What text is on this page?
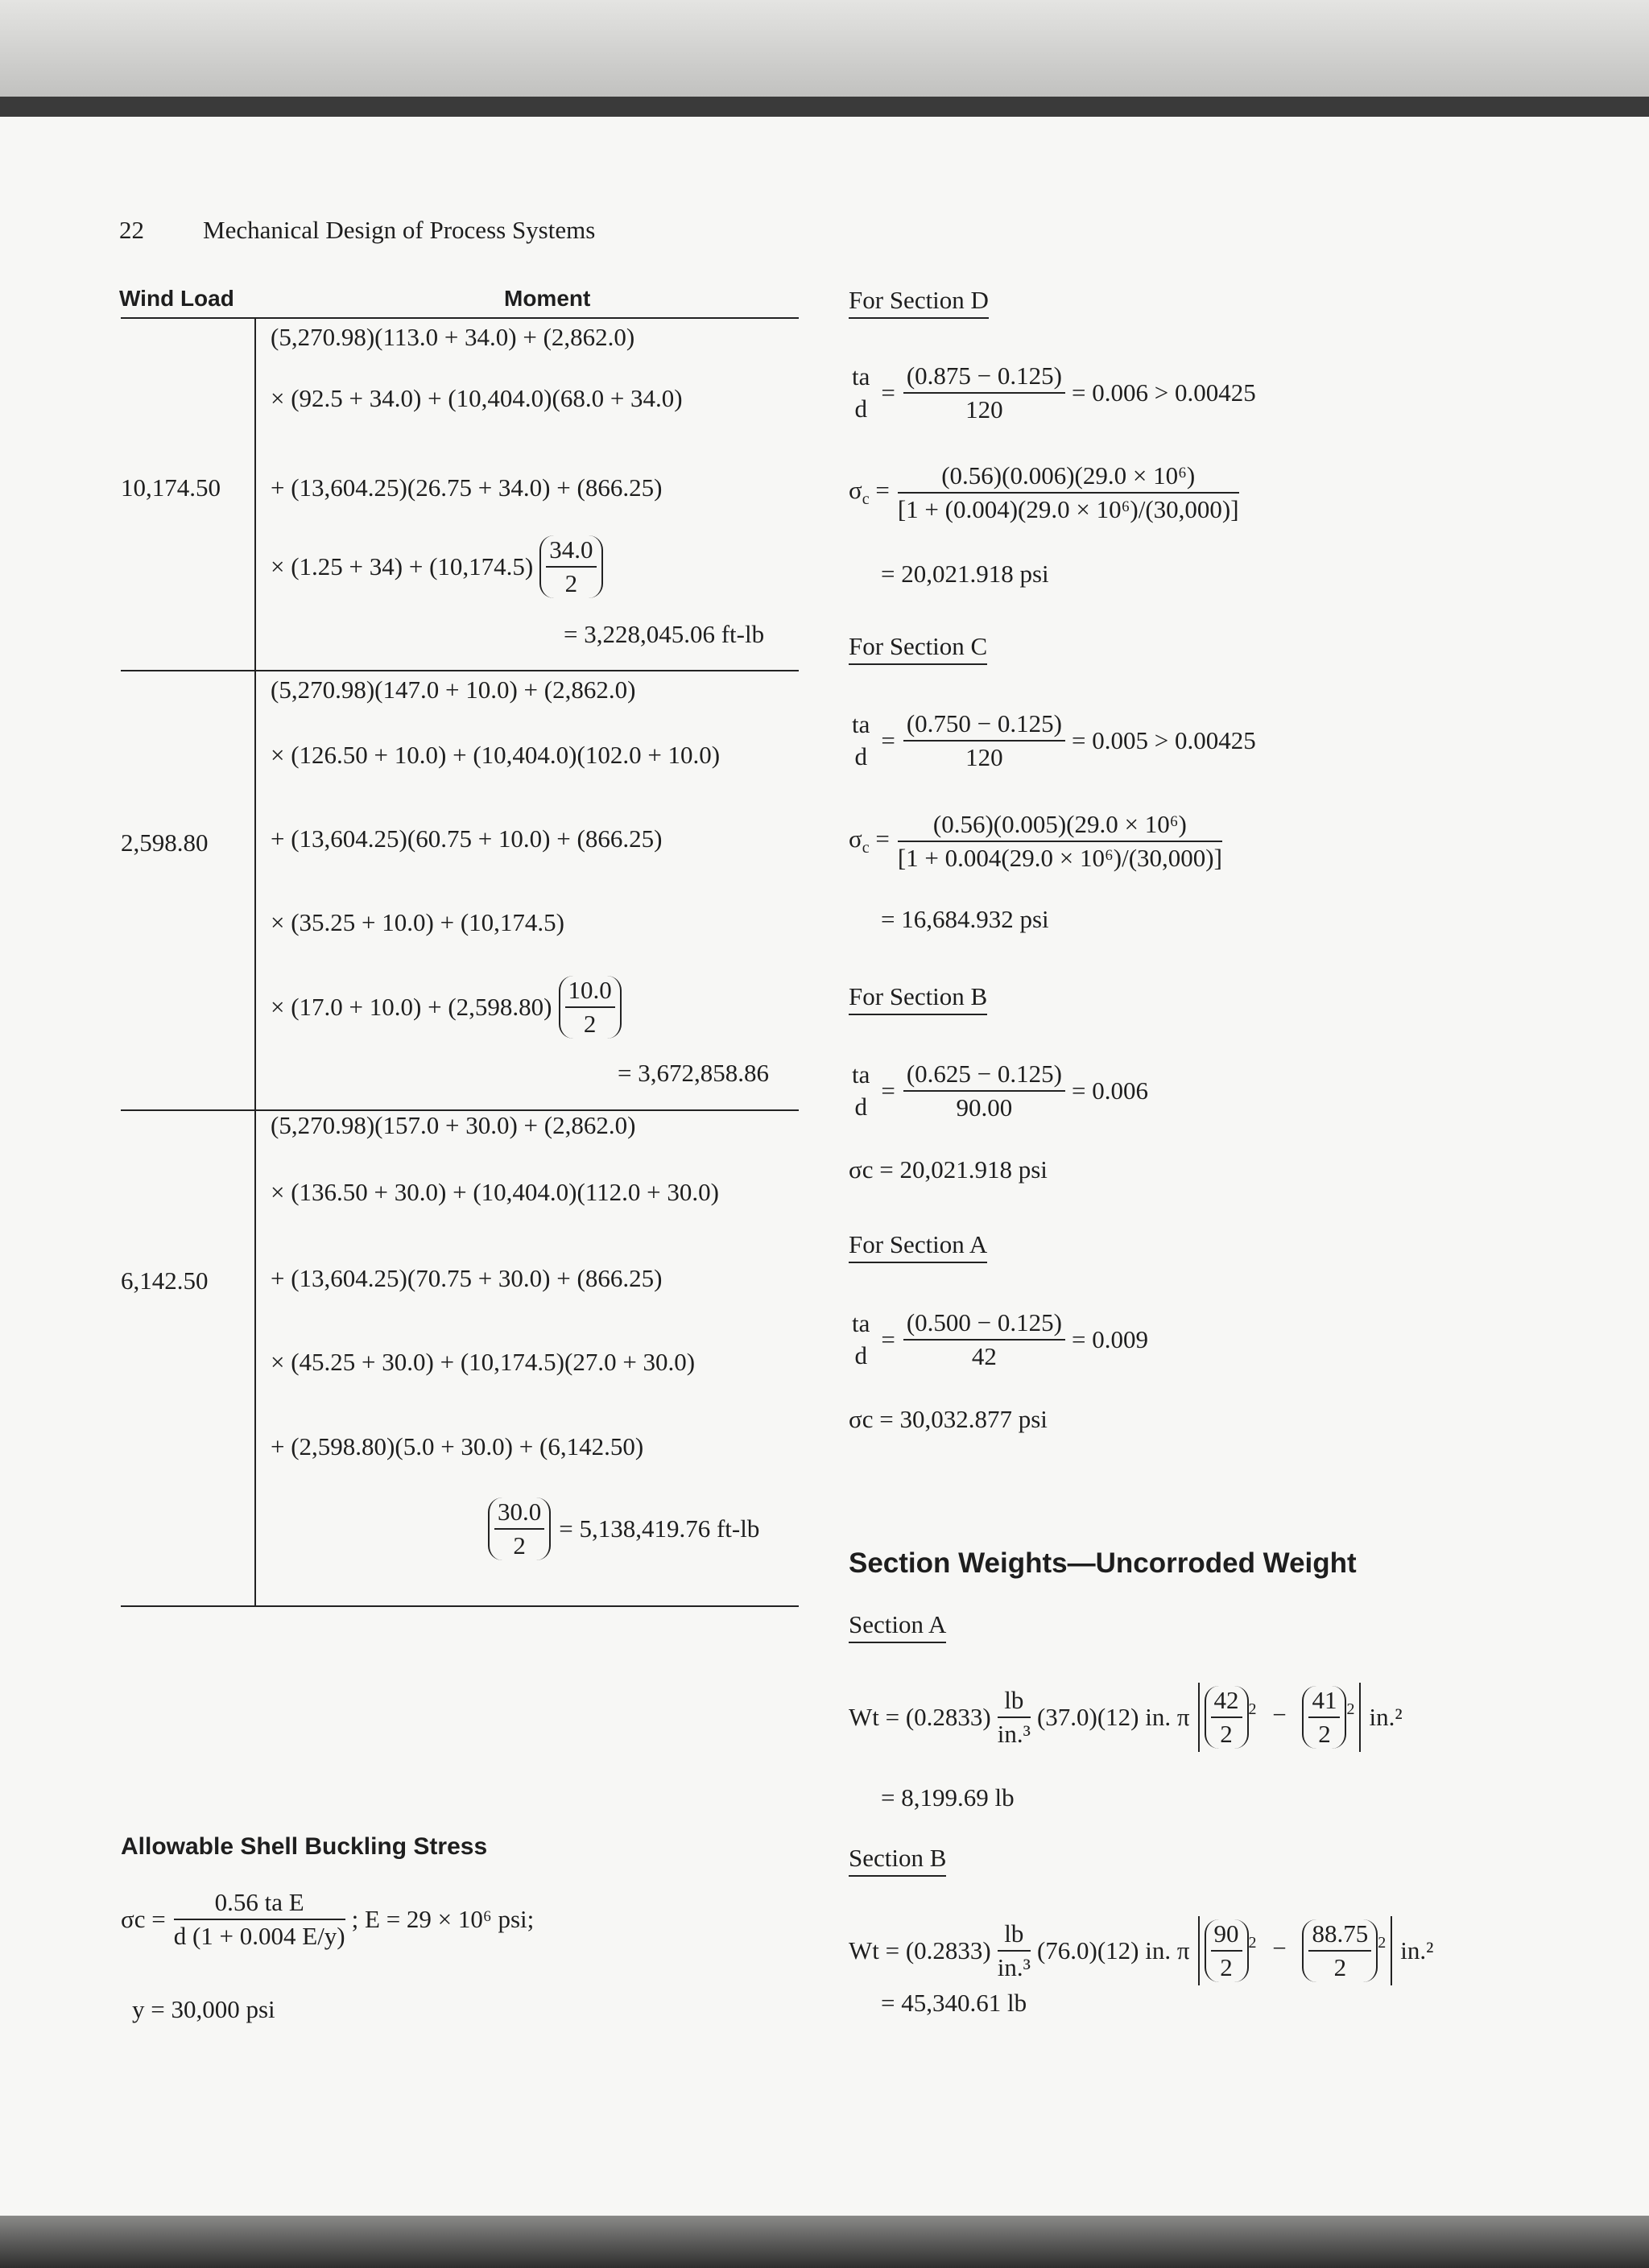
22 Mechanical Design of Process Systems
Wind Load	Moment
10,174.50
(5,270.98)(113.0 + 34.0) + (2,862.0)
× (92.5 + 34.0) + (10,404.0)(68.0 + 34.0)
+ (13,604.25)(26.75 + 34.0) + (866.25)
× $(1.25 + 34) + (10,174.5) \frac{34.0}{2}$
= 3,228,045.06 ft-lb
2,598.80
(5,270.98)(147.0 + 10.0) + (2,862.0)
× (126.50 + 10.0) + (10,404.0)(102.0 + 10.0)
+ (13,604.25)(60.75 + 10.0) + (866.25)
× (35.25 + 10.0) + (10,174.5)
× $(17.0 + 10.0) + (2,598.80) \frac{10.0}{2}$
= 3,672,858.86
6,142.50
(5,270.98)(157.0 + 30.0) + (2,862.0)
× (136.50 + 30.0) + (10,404.0)(112.0 + 30.0)
+ (13,604.25)(70.75 + 30.0) + (866.25)
× (45.25 + 30.0) + (10,174.5)(27.0 + 30.0)
+ (2,598.80)(5.0 + 30.0) + (6,142.50)
$\frac{30.0}{2} = 5,138,419.76$ ft-lb
Allowable Shell Buckling Stress
$\sigma c = \frac{\text{0.56 ta E}}{d (1 + 0.004 E/y)}$ ; E = 29 × 10⁶ psi;
y = 30,000 psi
For Section D
ta
d
= $\frac{(0.875 - 0.125)}{120} = 0.006 > 0.00425$
$\sigma_c = \frac{\text{(0.56)(0.006)(29.0 × 10⁶)}}{\text{[1 + (0.004)(29.0 × 10⁶)/(30,000)]}}$
= 20,021.918 psi
For Section C
ta
d
= $\frac{(0.750 - 0.125)}{120} = 0.005 > 0.00425$
$\sigma_c = \frac{\text{(0.56)(0.005)(29.0 × 10⁶)}}{\text{[1 + 0.004(29.0 × 10⁶)/(30,000)]}}$
= 16,684.932 psi
For Section B
ta
d
= $\frac{(0.625 - 0.125)}{90.00} = 0.006$
σc = 20,021.918 psi
For Section A
ta
d
= $\frac{(0.500 - 0.125)}{42} = 0.009$
σc = 30,032.877 psi
Section Weights—Uncorroded Weight
Section A
$Wt = (0.2833) \frac{lb}{\text{in.³}} (37.0)(12)$ in. π $\frac{42}{2} ^2 - \frac{41}{2} ^2$ in.²
= 8,199.69 lb
Section B
$Wt = (0.2833) \frac{lb}{\text{in.³}} (76.0)(12)$ in. π $\frac{90}{2} ^2 - \frac{88.75}{2} ^2$ in.²
= 45,340.61 lb
